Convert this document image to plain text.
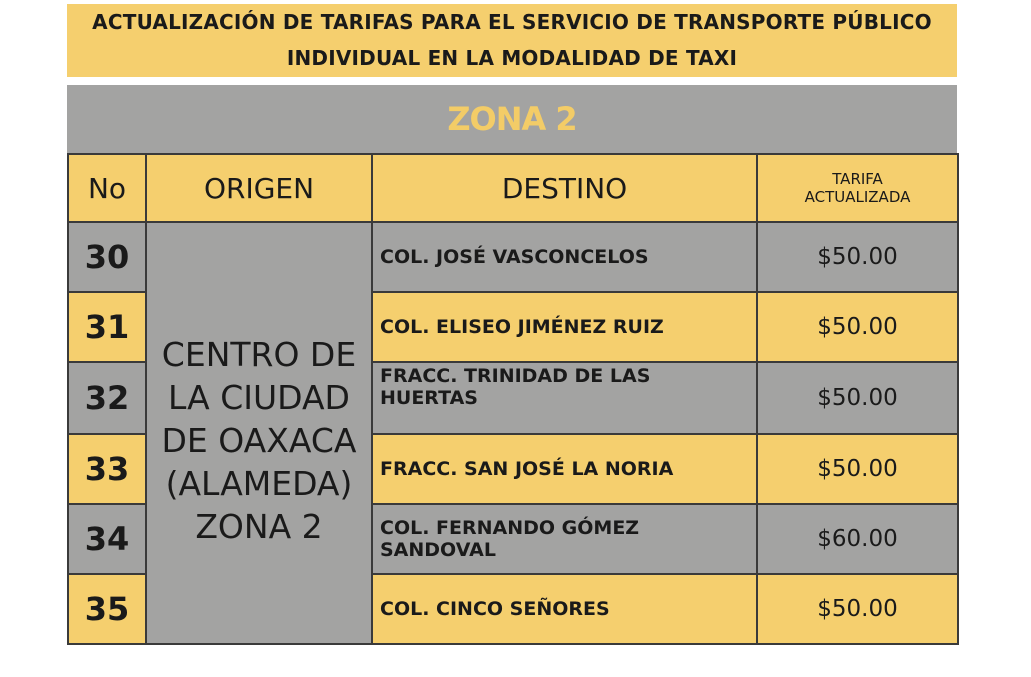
ACTUALIZACIÓN DE TARIFAS PARA EL SERVICIO DE TRANSPORTE PÚBLICO
INDIVIDUAL EN LA MODALIDAD DE TAXI
ZONA 2
No	ORIGEN	DESTINO	TARIFA
ACTUALIZADA
30	CENTRO DE
LA CIUDAD
DE OAXACA
(ALAMEDA)
ZONA 2	COL. JOSÉ VASCONCELOS	$50.00
31		COL. ELISEO JIMÉNEZ RUIZ	$50.00
32		FRACC. TRINIDAD DE LAS
HUERTAS	$50.00
33		FRACC. SAN JOSÉ LA NORIA	$50.00
34		COL. FERNANDO GÓMEZ
SANDOVAL	$60.00
35		COL. CINCO SEÑORES	$50.00
